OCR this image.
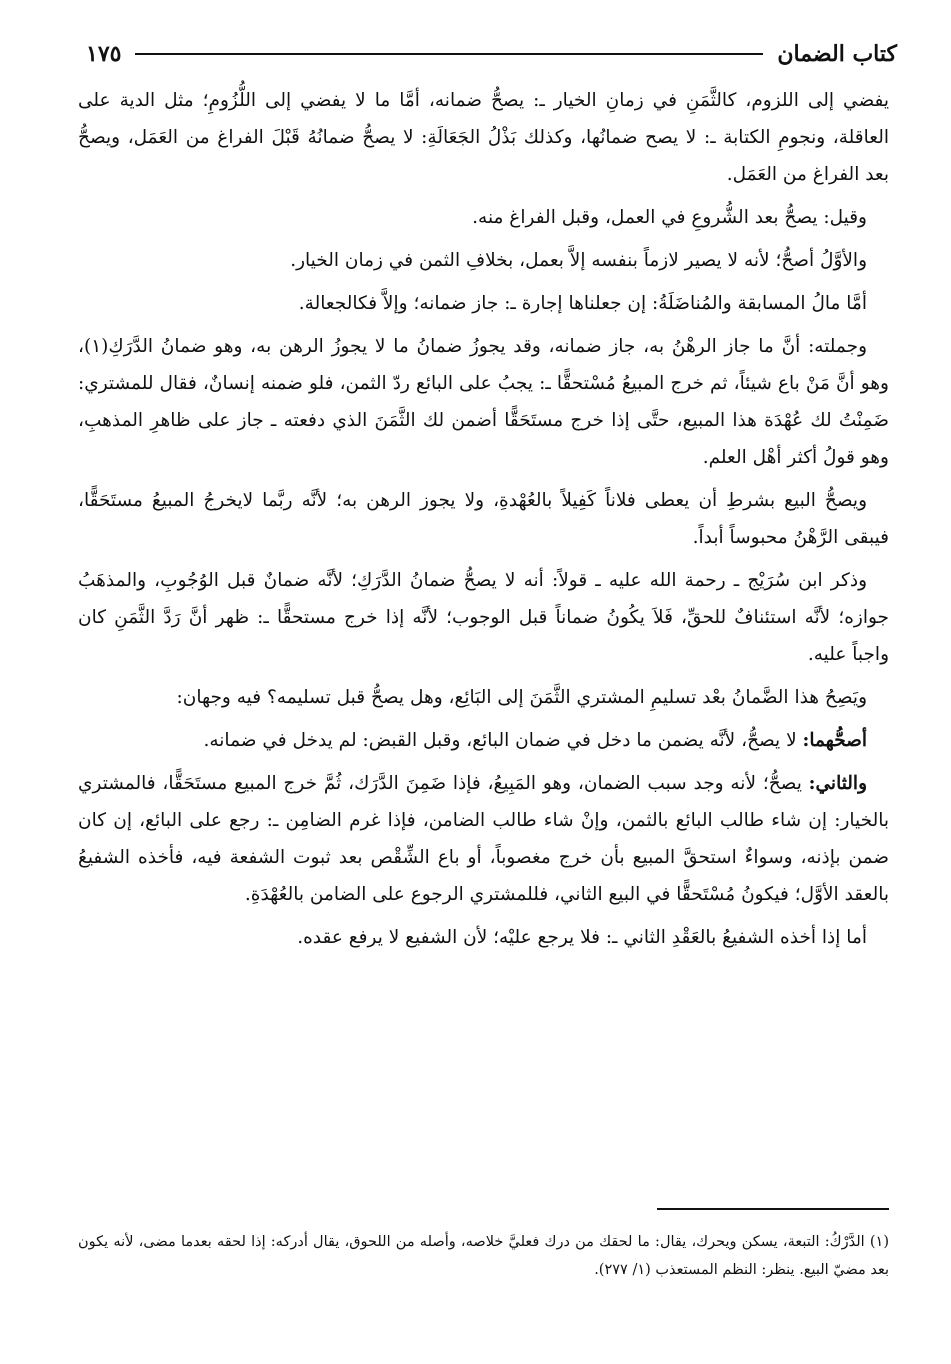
كتاب الضمان
١٧٥

يفضي إلى اللزوم، كالثَّمَنِ في زمانِ الخيار ـ: يصحُّ ضمانه، أمَّا ما لا يفضي إلى اللُّزُومِ؛ مثل الدية على العاقلة، ونجومِ الكتابة ـ: لا يصح ضمانُها، وكذلك بَذْلُ الجَعَالَةِ: لا يصحُّ ضمانُهُ قَبْلَ الفراغ من العَمَل، ويصحُّ بعد الفراغ من العَمَل.

وقيل: يصحُّ بعد الشُّروعِ في العمل، وقبل الفراغ منه.

والأوَّلُ أصحُّ؛ لأنه لا يصير لازماً بنفسه إلاَّ بعمل، بخلافِ الثمن في زمان الخيار.

أمَّا مالُ المسابقة والمُناضَلَةُ: إن جعلناها إجارة ـ: جاز ضمانه؛ وإلاَّ فكالجعالة.

وجملته: أنَّ ما جاز الرهْنُ به، جاز ضمانه، وقد يجوزُ ضمانُ ما لا يجوزُ الرهن به، وهو ضمانُ الدَّرَكِ(١)، وهو أنَّ مَنْ باع شيئاً، ثم خرج المبيعُ مُسْتحقًّا ـ: يجبُ على البائع ردّ الثمن، فلو ضمنه إنسانٌ، فقال للمشتري: ضَمِنْتُ لك عُهْدَة هذا المبيع، حتَّى إذا خرج مستَحَقًّا أضمن لك الثَّمَنَ الذي دفعته ـ جاز على ظاهرِ المذهبِ، وهو قولُ أكثر أهْل العلم.

ويصحُّ البيع بشرطِ أن يعطى فلاناً كَفِيلاً بالعُهْدةِ، ولا يجوز الرهن به؛ لأنَّه ربَّما لايخرجُ المبيعُ مستَحَقًّا، فيبقى الرَّهْنُ محبوساً أبداً.

وذكر ابن سُرَيْج ـ رحمة الله عليه ـ قولاً: أنه لا يصحُّ ضمانُ الدَّرَكِ؛ لأنَّه ضمانٌ قبل الوُجُوبِ، والمذهَبُ جوازه؛ لأنَّه استئنافٌ للحقِّ، فَلاَ يكُونُ ضماناً قبل الوجوب؛ لأنَّه إذا خرج مستحقًّا ـ: ظهر أنَّ رَدَّ الثَّمَنِ كان واجباً عليه.

ويَصِحُ هذا الضَّمانُ بعْد تسليمِ المشتري الثَّمَنَ إلى البَائِع، وهل يصحُّ قبل تسليمه؟ فيه وجهان:

أصحُّهما: لا يصحُّ، لأنَّه يضمن ما دخل في ضمان البائع، وقبل القبض: لم يدخل في ضمانه.

والثاني: يصحُّ؛ لأنه وجد سبب الضمان، وهو المَبِيعُ، فإذا ضَمِنَ الدَّرَك، ثُمَّ خرج المبيع مستَحَقًّا، فالمشتري بالخيار: إن شاء طالب البائع بالثمن، وإنْ شاء طالب الضامن، فإذا غرم الضامِن ـ: رجع على البائع، إن كان ضمن بإذنه، وسواءٌ استحقَّ المبيع بأن خرج مغصوباً، أو باع الشِّقْص بعد ثبوت الشفعة فيه، فأخذه الشفيعُ بالعقد الأوَّل؛ فيكونُ مُسْتَحقًّا في البيع الثاني، فللمشتري الرجوع على الضامن بالعُهْدَةِ.

أما إذا أخذه الشفيعُ بالعَقْدِ الثاني ـ: فلا يرجع عليْه؛ لأن الشفيع لا يرفع عقده.

(١) الدَّرْكُ: التبعة، يسكن ويحرك، يقال: ما لحقك من درك فعليَّ خلاصه، وأصله من اللحوق، يقال أدركه: إذا لحقه بعدما مضى، لأنه يكون بعد مضيّ البيع. ينظر: النظم المستعذب (١/ ٢٧٧).
